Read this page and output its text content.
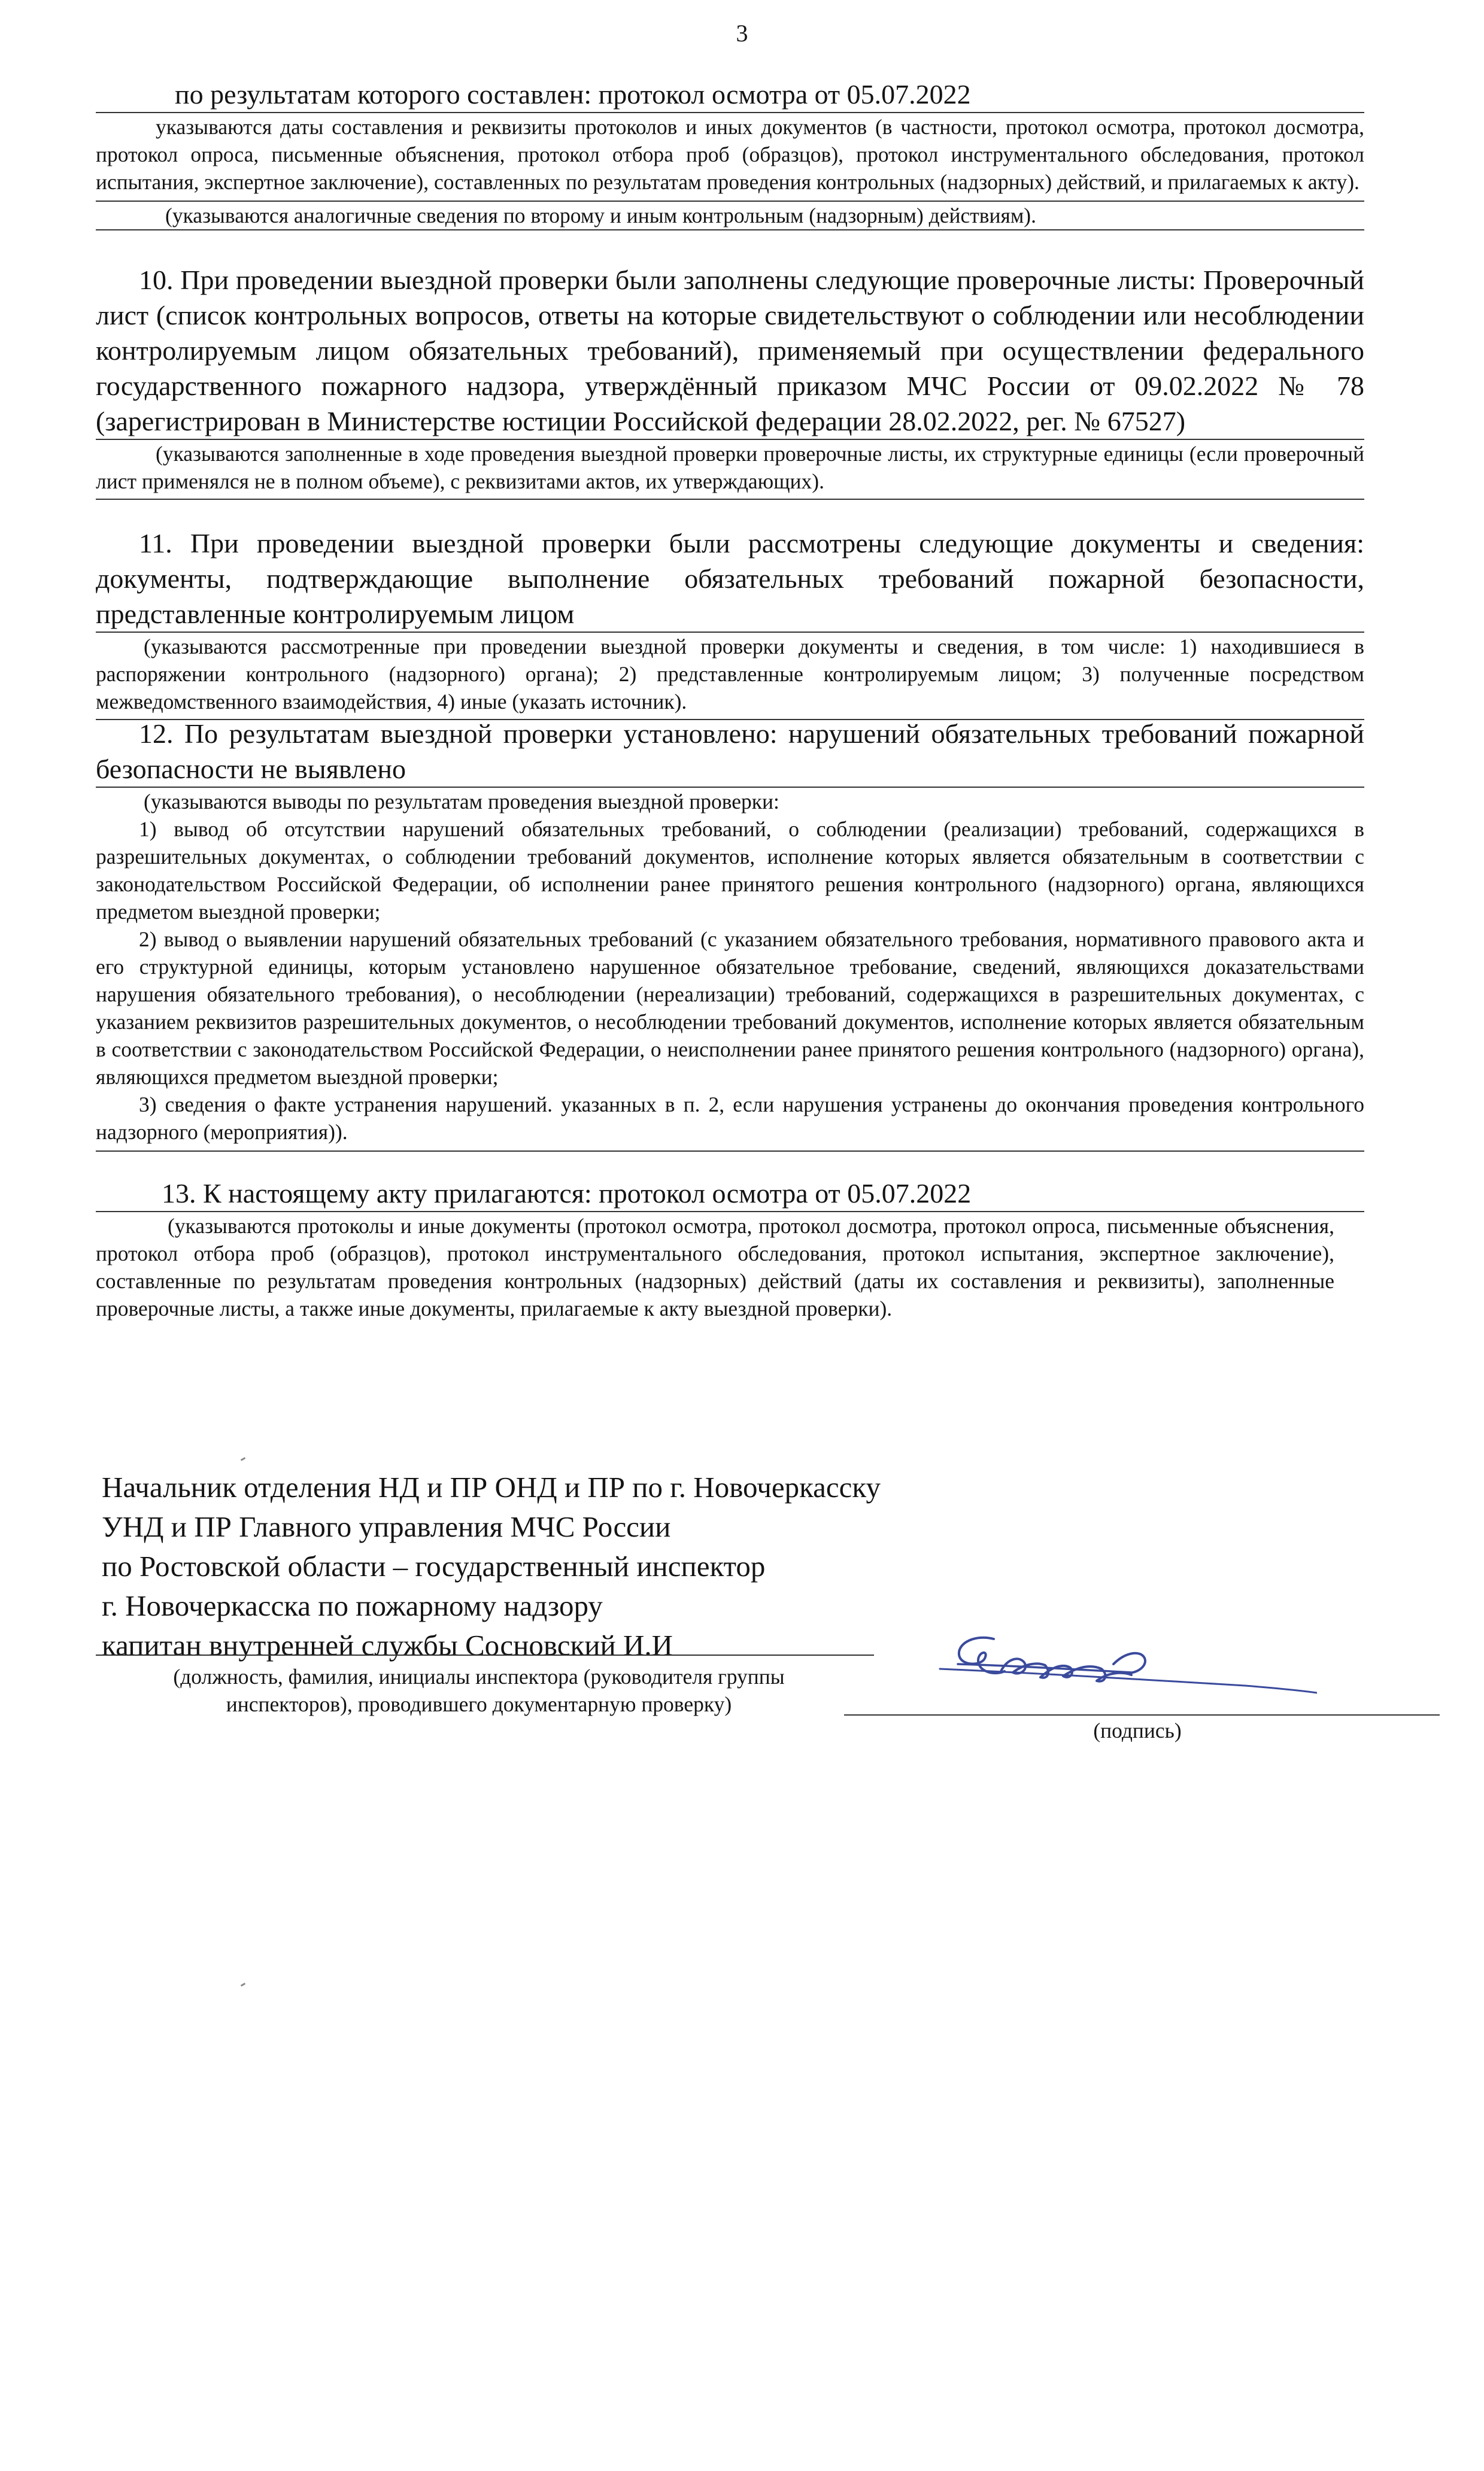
3

по результатам которого составлен: протокол осмотра от 05.07.2022

указываются даты составления и реквизиты протоколов и иных документов (в частности, протокол осмотра, протокол досмотра, протокол опроса, письменные объяснения, протокол отбора проб (образцов), протокол инструментального обследования, протокол испытания, экспертное заключение), составленных по результатам проведения контрольных (надзорных) действий, и прилагаемых к акту).

(указываются аналогичные сведения по второму и иным контрольным (надзорным) действиям).

10. При проведении выездной проверки были заполнены следующие проверочные листы: Проверочный лист (список контрольных вопросов, ответы на которые свидетельствуют о соблюдении или несоблюдении контролируемым лицом обязательных требований), применяемый при осуществлении федерального государственного пожарного надзора, утверждённый приказом МЧС России от 09.02.2022 № 78 (зарегистрирован в Министерстве юстиции Российской федерации 28.02.2022, рег. № 67527)

(указываются заполненные в ходе проведения выездной проверки проверочные листы, их структурные единицы (если проверочный лист применялся не в полном объеме), с реквизитами актов, их утверждающих).

11. При проведении выездной проверки были рассмотрены следующие документы и сведения: документы, подтверждающие выполнение обязательных требований пожарной безопасности, представленные контролируемым лицом

(указываются рассмотренные при проведении выездной проверки документы и сведения, в том числе: 1) находившиеся в распоряжении контрольного (надзорного) органа); 2) представленные контролируемым лицом; 3) полученные посредством межведомственного взаимодействия, 4) иные (указать источник).

12. По результатам выездной проверки установлено: нарушений обязательных требований пожарной безопасности не выявлено

(указываются выводы по результатам проведения выездной проверки:

1) вывод об отсутствии нарушений обязательных требований, о соблюдении (реализации) требований, содержащихся в разрешительных документах, о соблюдении требований документов, исполнение которых является обязательным в соответствии с законодательством Российской Федерации, об исполнении ранее принятого решения контрольного (надзорного) органа, являющихся предметом выездной проверки;

2) вывод о выявлении нарушений обязательных требований (с указанием обязательного требования, нормативного правового акта и его структурной единицы, которым установлено нарушенное обязательное требование, сведений, являющихся доказательствами нарушения обязательного требования), о несоблюдении (нереализации) требований, содержащихся в разрешительных документах, с указанием реквизитов разрешительных документов, о несоблюдении требований документов, исполнение которых является обязательным в соответствии с законодательством Российской Федерации, о неисполнении ранее принятого решения контрольного (надзорного) органа), являющихся предметом выездной проверки;

3) сведения о факте устранения нарушений. указанных в п. 2, если нарушения устранены до окончания проведения контрольного надзорного (мероприятия)).

13. К настоящему акту прилагаются: протокол осмотра от 05.07.2022

(указываются протоколы и иные документы (протокол осмотра, протокол досмотра, протокол опроса, письменные объяснения, протокол отбора проб (образцов), протокол инструментального обследования, протокол испытания, экспертное заключение), составленные по результатам проведения контрольных (надзорных) действий (даты их составления и реквизиты), заполненные проверочные листы, а также иные документы, прилагаемые к акту выездной проверки).

Начальник отделения НД и ПР ОНД и ПР по г. Новочеркасску
УНД и ПР Главного управления МЧС России
по Ростовской области – государственный инспектор
г. Новочеркасска по пожарному надзору
капитан внутренней службы Сосновский И.И

(должность, фамилия, инициалы инспектора (руководителя группы инспекторов), проводившего документарную проверку)

(подпись)
